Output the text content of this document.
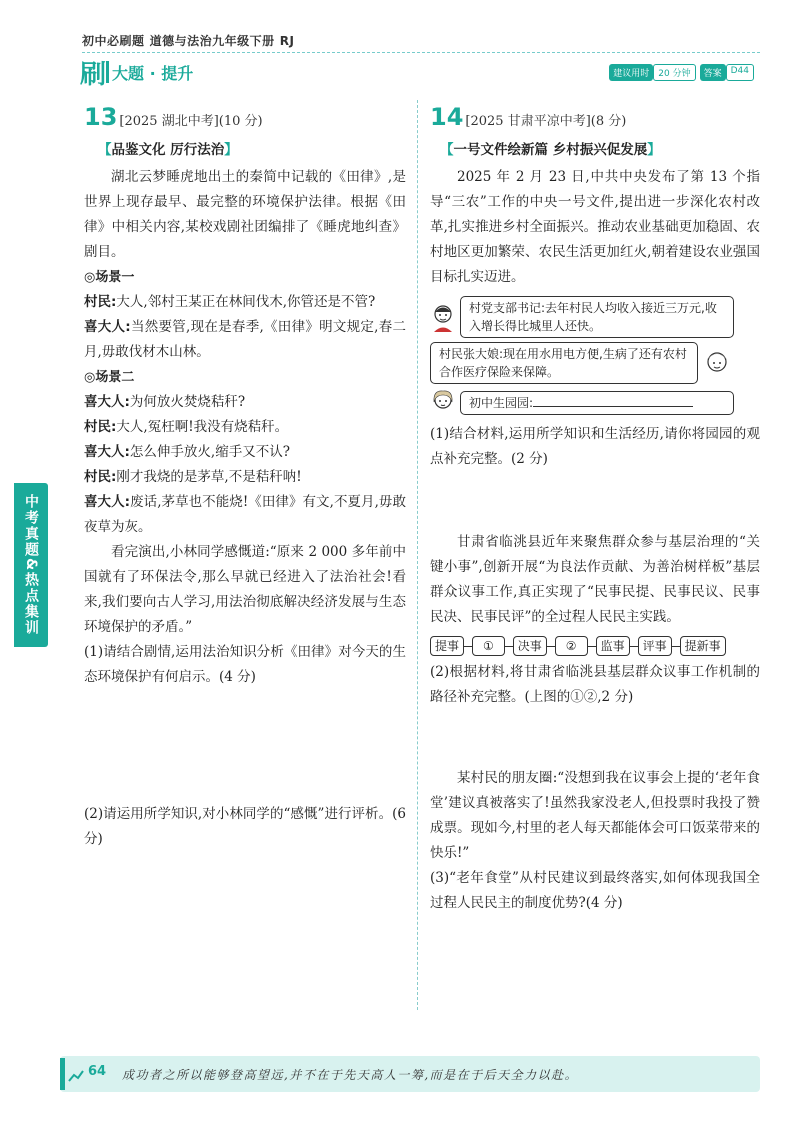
初中必刷题 道德与法治九年级下册 RJ
刷 大题 · 提升	建议用时	20 分钟	答案	D44
13 [2025 湖北中考](10 分)
【品鉴文化 厉行法治】

湖北云梦睡虎地出土的秦简中记载的《田律》,是世界上现存最早、最完整的环境保护法律。根据《田律》中相关内容,某校戏剧社团编排了《睡虎地纠查》剧目。

◎场景一

村民:大人,邻村王某正在林间伐木,你管还是不管?

喜大人:当然要管,现在是春季,《田律》明文规定,春二月,毋敢伐材木山林。

◎场景二

喜大人:为何放火焚烧秸秆?

村民:大人,冤枉啊!我没有烧秸秆。

喜大人:怎么伸手放火,缩手又不认?

村民:刚才我烧的是茅草,不是秸秆呐!

喜大人:废话,茅草也不能烧!《田律》有文,不夏月,毋敢夜草为灰。

看完演出,小林同学感慨道:“原来 2 000 多年前中国就有了环保法令,那么早就已经进入了法治社会!看来,我们要向古人学习,用法治彻底解决经济发展与生态环境保护的矛盾。”

(1)请结合剧情,运用法治知识分析《田律》对今天的生态环境保护有何启示。(4 分)

(2)请运用所学知识,对小林同学的“感慨”进行评析。(6 分)

14 [2025 甘肃平凉中考](8 分)
【一号文件绘新篇 乡村振兴促发展】

2025 年 2 月 23 日,中共中央发布了第 13 个指导“三农”工作的中央一号文件,提出进一步深化农村改革,扎实推进乡村全面振兴。推动农业基础更加稳固、农村地区更加繁荣、农民生活更加红火,朝着建设农业强国目标扎实迈进。

村党支部书记:去年村民人均收入接近三万元,收入增长得比城里人还快。
村民张大娘:现在用水用电方便,生病了还有农村合作医疗保险来保障。
初中生园园:

(1)结合材料,运用所学知识和生活经历,请你将园园的观点补充完整。(2 分)

甘肃省临洮县近年来聚焦群众参与基层治理的“关键小事”,创新开展“为良法作贡献、为善治树样板”基层群众议事工作,真正实现了“民事民提、民事民议、民事民决、民事民评”的全过程人民民主实践。

提事	①	决事	②	监事	评事	提新事

(2)根据材料,将甘肃省临洮县基层群众议事工作机制的路径补充完整。(上图的①②,2 分)

某村民的朋友圈:“没想到我在议事会上提的‘老年食堂’建议真被落实了!虽然我家没老人,但投票时我投了赞成票。现如今,村里的老人每天都能体会可口饭菜带来的快乐!”

(3)“老年食堂”从村民建议到最终落实,如何体现我国全过程人民民主的制度优势?(4 分)

中考真题&热点集训
64 成功者之所以能够登高望远,并不在于先天高人一筹,而是在于后天全力以赴。
